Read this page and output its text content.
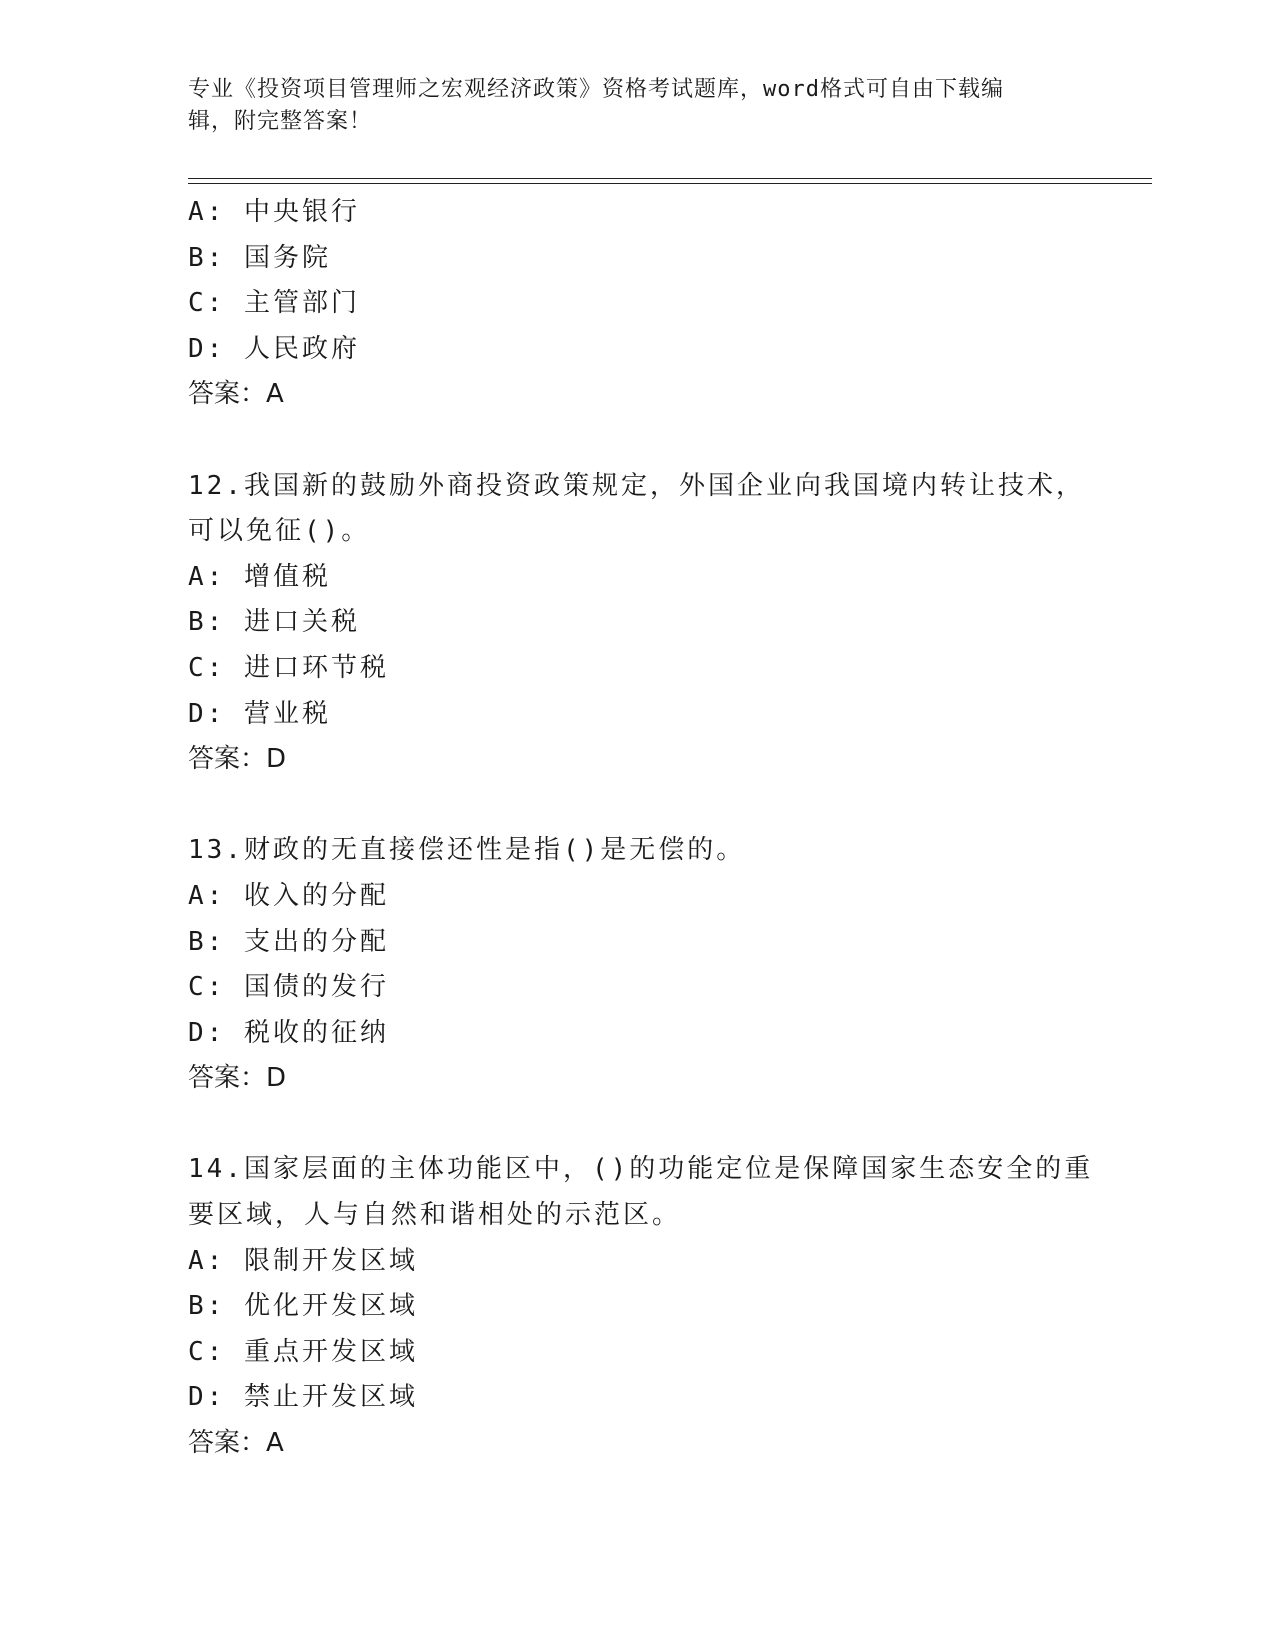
专业《投资项目管理师之宏观经济政策》资格考试题库，word格式可自由下载编
辑，附完整答案！
A: 中央银行
B: 国务院
C: 主管部门
D: 人民政府
答案：A
12.我国新的鼓励外商投资政策规定，外国企业向我国境内转让技术，
可以免征()。
A: 增值税
B: 进口关税
C: 进口环节税
D: 营业税
答案：D
13.财政的无直接偿还性是指()是无偿的。
A: 收入的分配
B: 支出的分配
C: 国债的发行
D: 税收的征纳
答案：D
14.国家层面的主体功能区中，()的功能定位是保障国家生态安全的重
要区域，人与自然和谐相处的示范区。
A: 限制开发区域
B: 优化开发区域
C: 重点开发区域
D: 禁止开发区域
答案：A
